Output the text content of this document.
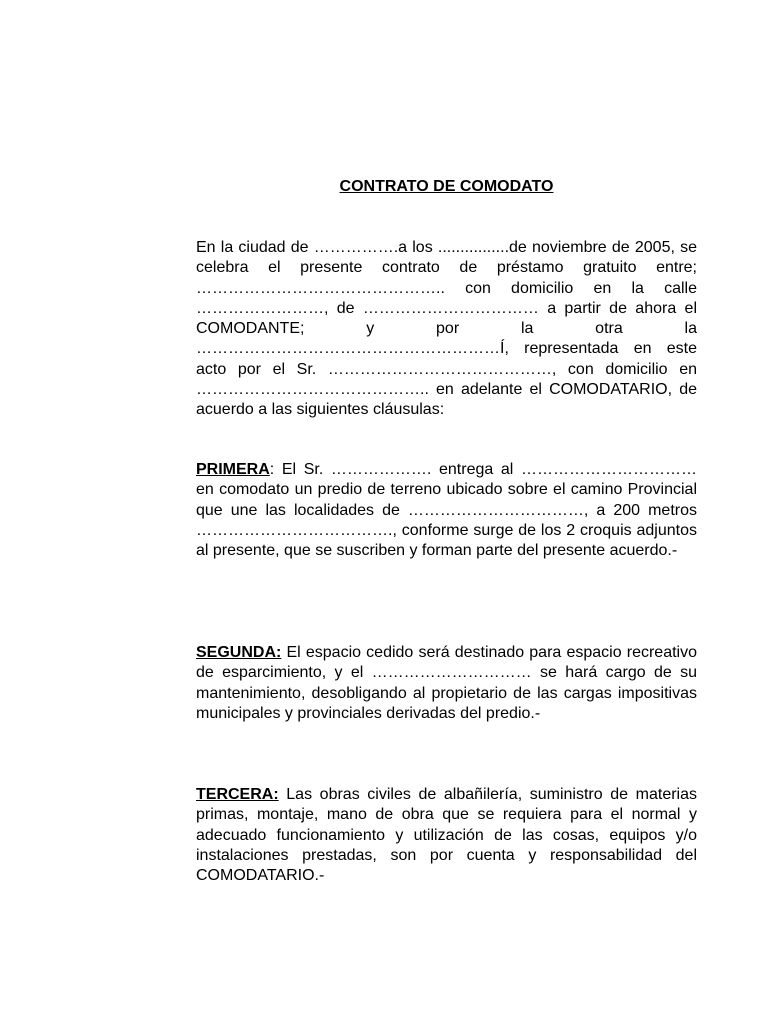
CONTRATO DE COMODATO

En la ciudad de …………….a los ................de noviembre de 2005, se celebra el presente contrato de préstamo gratuito entre; ……………………………………….. con domicilio en la calle ……………………, de …………………………… a partir de ahora el COMODANTE; y por la otra la …………………………………………………Í, representada en este acto por el Sr. ……………………………………, con domicilio en …………………………………….. en adelante el COMODATARIO, de acuerdo a las siguientes cláusulas:

PRIMERA: El Sr. ………………. entrega al …………………………… en comodato un predio de terreno ubicado sobre el camino Provincial que une las localidades de ……………………………, a 200 metros ………………………………., conforme surge de los 2 croquis adjuntos al presente, que se suscriben y forman parte del presente acuerdo.-

SEGUNDA: El espacio cedido será destinado para espacio recreativo de esparcimiento, y el ………………………… se hará cargo de su mantenimiento, desobligando al propietario de las cargas impositivas municipales y provinciales derivadas del predio.-

TERCERA: Las obras civiles de albañilería, suministro de materias primas, montaje, mano de obra que se requiera para el normal y adecuado funcionamiento y utilización de las cosas, equipos y/o instalaciones prestadas, son por cuenta y responsabilidad del COMODATARIO.-
